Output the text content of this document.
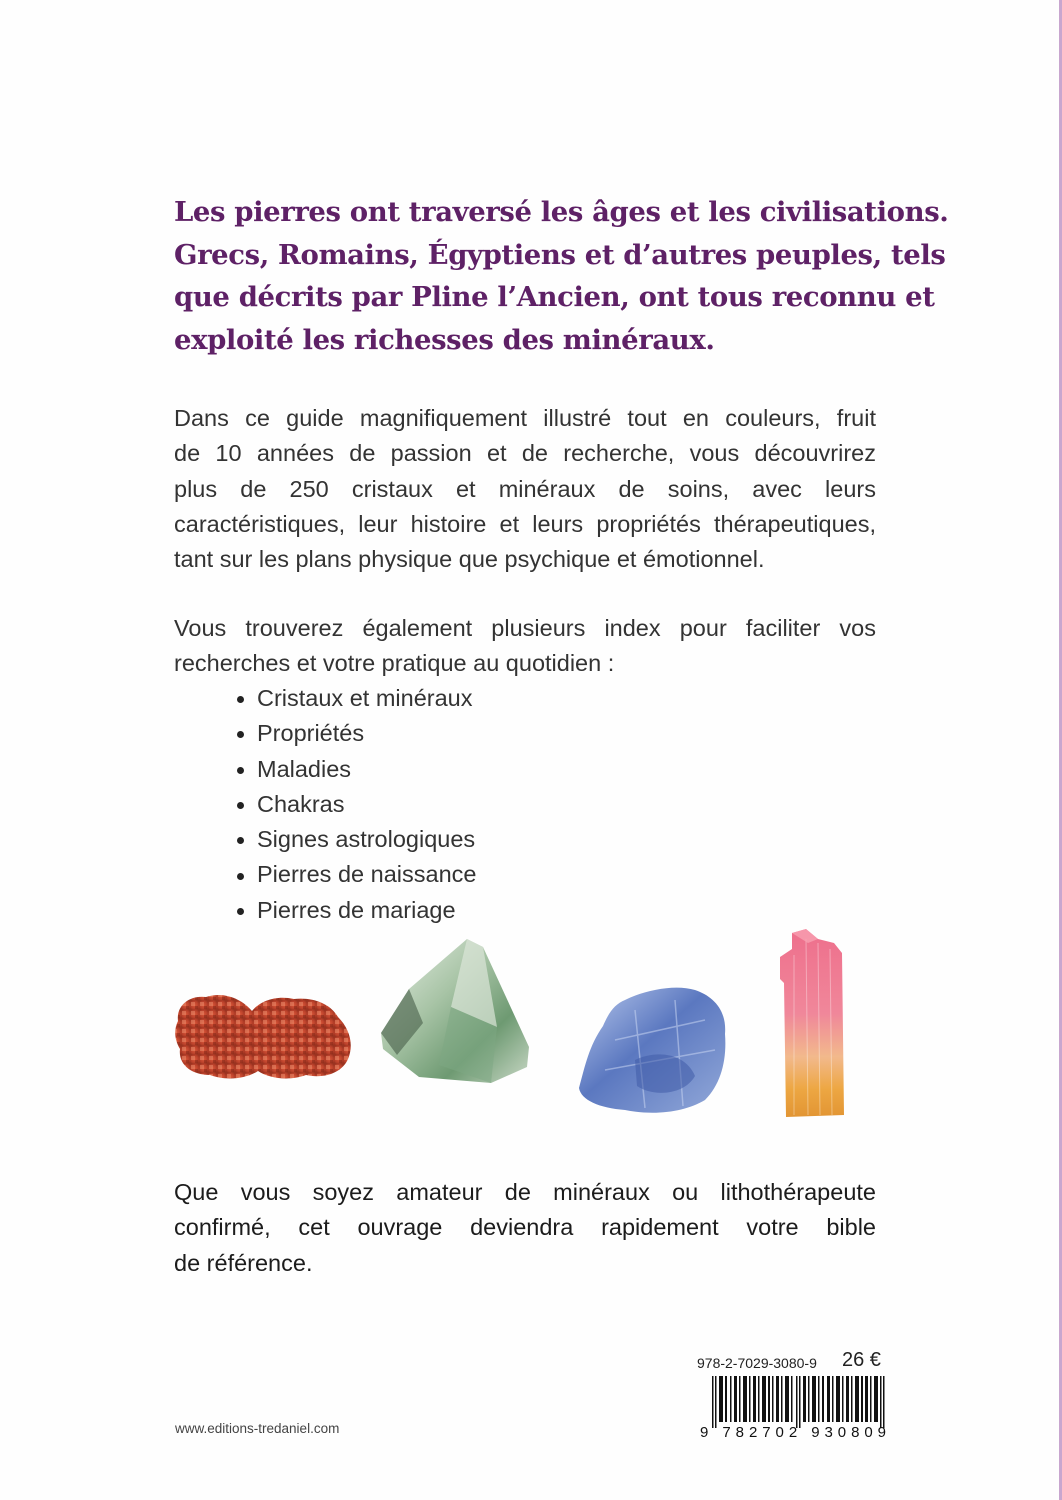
Les pierres ont traversé les âges et les civilisations.
Grecs, Romains, Égyptiens et d’autres peuples, tels
que décrits par Pline l’Ancien, ont tous reconnu et
exploité les richesses des minéraux.

Dans ce guide magnifiquement illustré tout en couleurs, fruit
de 10 années de passion et de recherche, vous découvrirez
plus de 250 cristaux et minéraux de soins, avec leurs
caractéristiques, leur histoire et leurs propriétés thérapeutiques,
tant sur les plans physique que psychique et émotionnel.

Vous trouverez également plusieurs index pour faciliter vos
recherches et votre pratique au quotidien :

Cristaux et minéraux
Propriétés
Maladies
Chakras
Signes astrologiques
Pierres de naissance
Pierres de mariage

Que vous soyez amateur de minéraux ou lithothérapeute
confirmé, cet ouvrage deviendra rapidement votre bible
de référence.

www.editions-tredaniel.com
978-2-7029-3080-9 26 €
9 782702 930809
